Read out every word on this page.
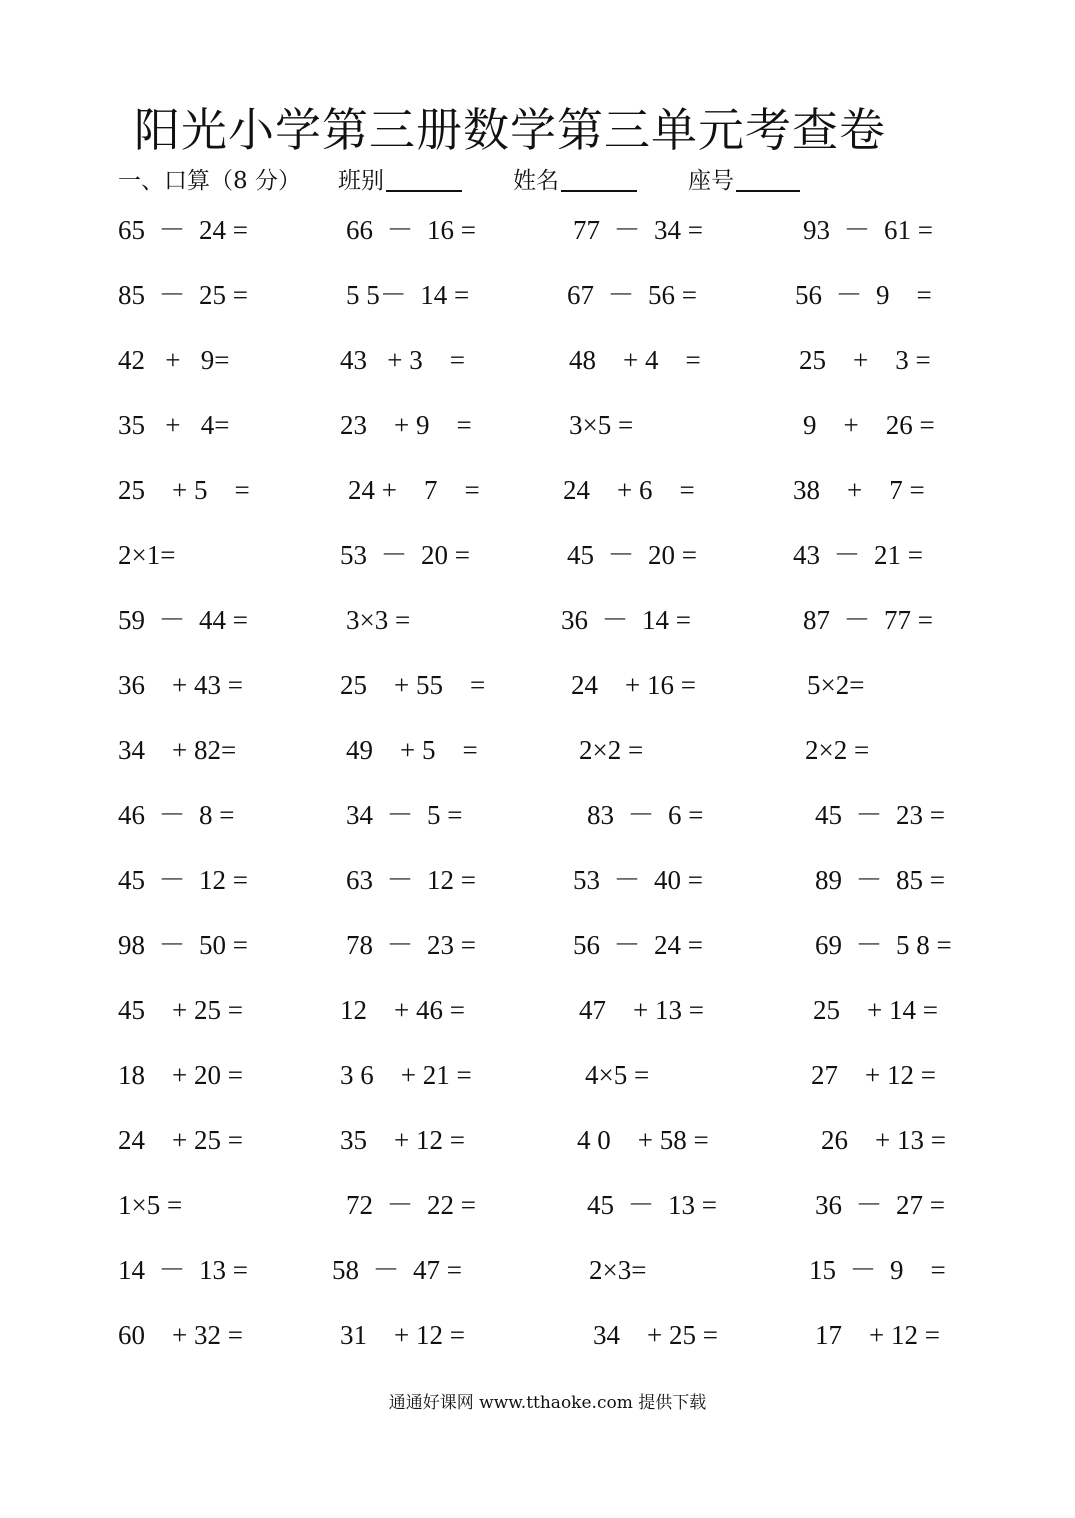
阳光小学第三册数学第三单元考查卷
一、口算（8 分） 班别	姓名	座号
65  －  24 =	66  －  16 =	77  －  34 =	93  －  61 =
85  －  25 =	5 5－  14 =	67  －  56 =	56  －  9    =
42   +   9=	43   + 3    =	48    + 4    =	25    +    3 =
35   +   4=	23    + 9    =	3×5 =	9    +    26 =
25    + 5    =	24 +    7    =	24    + 6    =	38    +    7 =
2×1=	53  －  20 =	45  －  20 =	43  －  21 =
59  －  44 =	3×3 =	36  －  14 =	87  －  77 =
36    + 43 =	25    + 55    =	24    + 16 =	5×2=
34    + 82=	49    + 5    =	2×2 =	2×2 =
46  －  8 =	34  －  5 =	83  －  6 =	45  －  23 =
45  －  12 =	63  －  12 =	53  －  40 =	89  －  85 =
98  －  50 =	78  －  23 =	56  －  24 =	69  －  5 8 =
45    + 25 =	12    + 46 =	47    + 13 =	25    + 14 =
18    + 20 =	3 6    + 21 =	4×5 =	27    + 12 =
24    + 25 =	35    + 12 =	4 0    + 58 =	26    + 13 =
1×5 =	72  －  22 =	45  －  13 =	36  －  27 =
14  －  13 =	58  －  47 =	2×3=	15  －  9    =
60    + 32 =	31    + 12 =	34    + 25 =	17    + 12 =
通通好课网 www.tthaoke.com 提供下载
